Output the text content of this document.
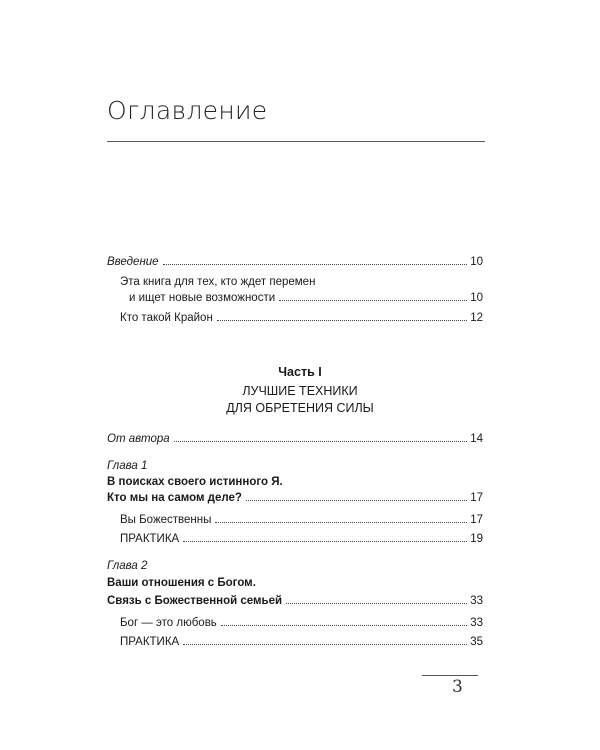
Оглавление
Введение	10
Эта книга для тех, кто ждет перемен
и ищет новые возможности	10
Кто такой Крайон	12
Часть I
ЛУЧШИЕ ТЕХНИКИ
ДЛЯ ОБРЕТЕНИЯ СИЛЫ
От автора	14
Глава 1
В поисках своего истинного Я.
Кто мы на самом деле?	17
Вы Божественны	17
ПРАКТИКА	19
Глава 2
Ваши отношения с Богом.
Связь с Божественной семьей	33
Бог — это любовь	33
ПРАКТИКА	35
3
